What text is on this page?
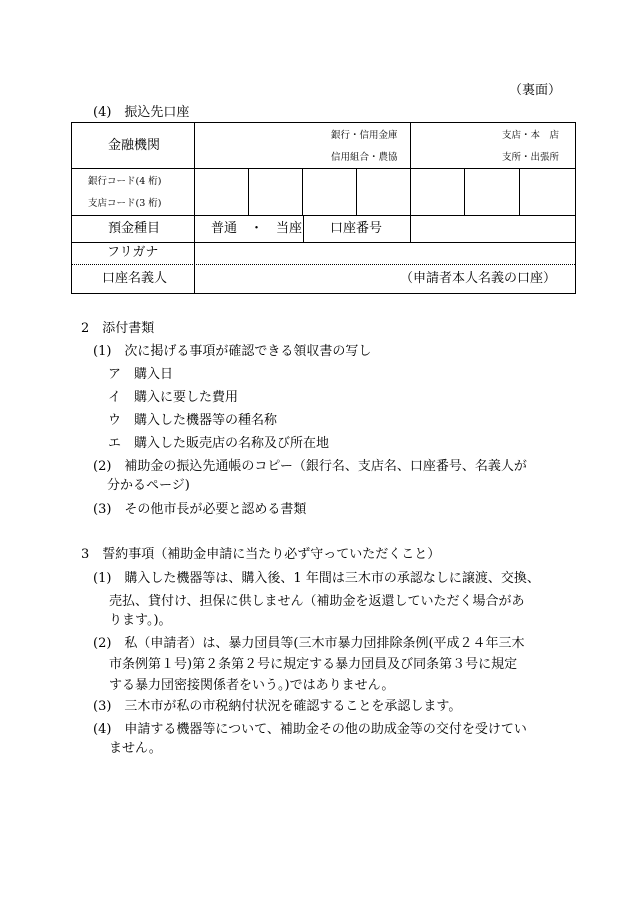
（裏面）
(4)　振込先口座
金融機関
銀行・信用金庫
信用組合・農協
支店・本　店
支所・出張所
銀行コード(4 桁)
支店コード(3 桁)
預金種目	普通　・　当座 口座番号
フリガナ
口座名義人	（申請者本人名義の口座）
2　添付書類
(1)　次に掲げる事項が確認できる領収書の写し
ア　購入日
イ　購入に要した費用
ウ　購入した機器等の種名称
エ　購入した販売店の名称及び所在地
(2)　補助金の振込先通帳のコピー（銀行名、支店名、口座番号、名義人が
分かるページ)
(3)　その他市長が必要と認める書類
3　誓約事項（補助金申請に当たり必ず守っていただくこと）
(1)　購入した機器等は、購入後、1 年間は三木市の承認なしに譲渡、交換、
売払、貸付け、担保に供しません（補助金を返還していただく場合があ
ります。)。
(2)　私（申請者）は、暴力団員等(三木市暴力団排除条例(平成２４年三木
市条例第１号)第２条第２号に規定する暴力団員及び同条第３号に規定
する暴力団密接関係者をいう。)ではありません。
(3)　三木市が私の市税納付状況を確認することを承認します。
(4)　申請する機器等について、補助金その他の助成金等の交付を受けてい
ません。
